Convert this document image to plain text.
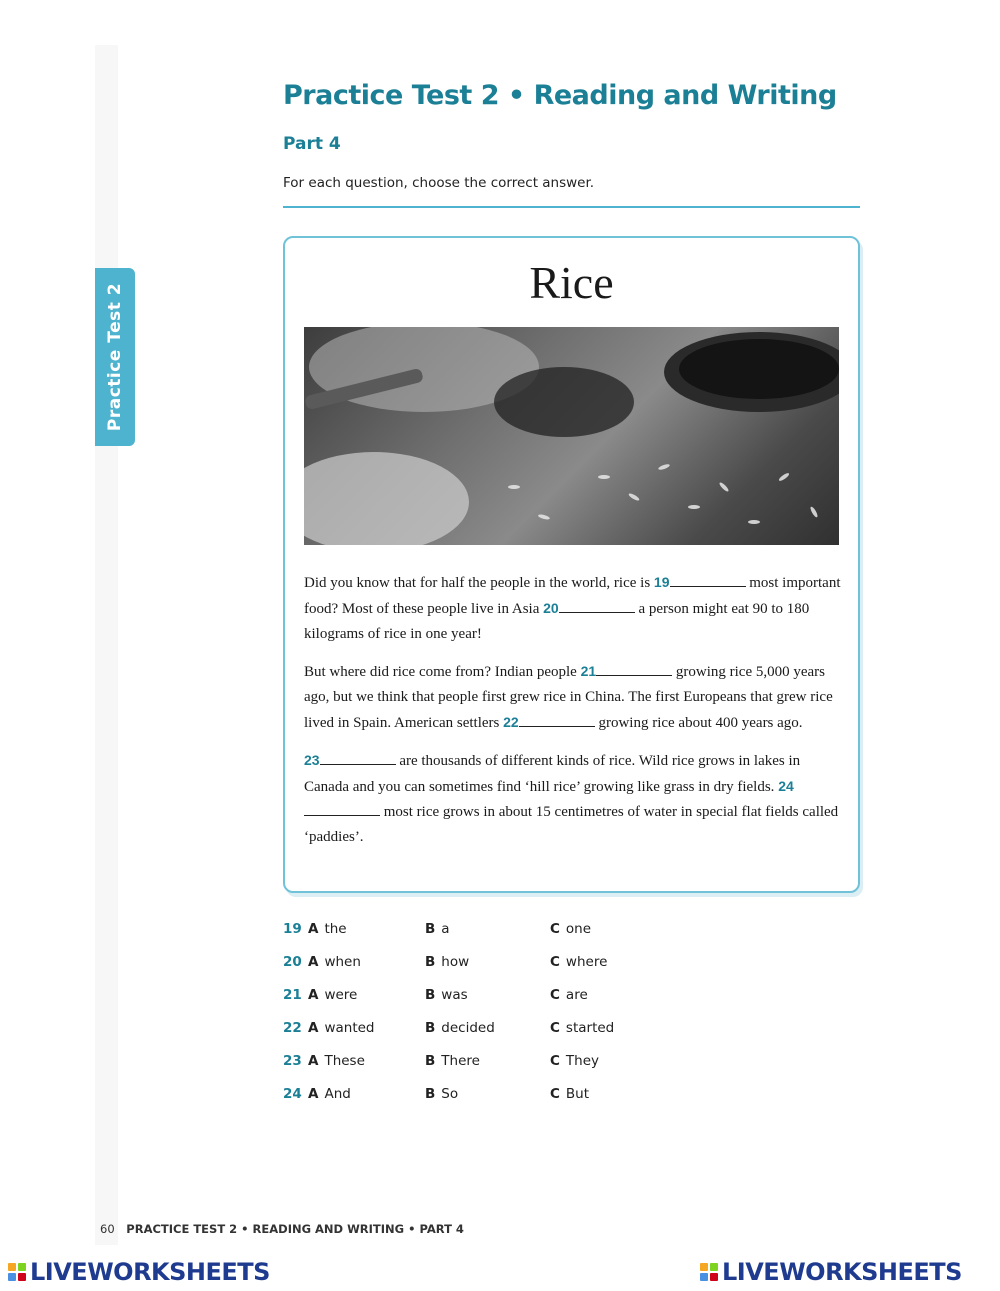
Practice Test 2
Practice Test 2 • Reading and Writing
Part 4
For each question, choose the correct answer.
Rice

Did you know that for half the people in the world, rice is 19	most important food? Most of these people live in Asia 20	a person might eat 90 to 180 kilograms of rice in one year!

But where did rice come from? Indian people 21	growing rice 5,000 years ago, but we think that people first grew rice in China. The first Europeans that grew rice lived in Spain. American settlers 22	growing rice about 400 years ago.

23	are thousands of different kinds of rice. Wild rice grows in lakes in Canada and you can sometimes find ‘hill rice’ growing like grass in dry fields. 24 most rice grows in about 15 centimetres of water in special flat fields called ‘paddies’.

19 A the	B a	C one
20 A when	B how	C where
21 A were	B was	C are
22 A wanted	B decided	C started
23 A These	B There	C They
24 A And	B So	C But
60 PRACTICE TEST 2 • READING AND WRITING • PART 4
LIVEWORKSHEETS	LIVEWORKSHEETS
